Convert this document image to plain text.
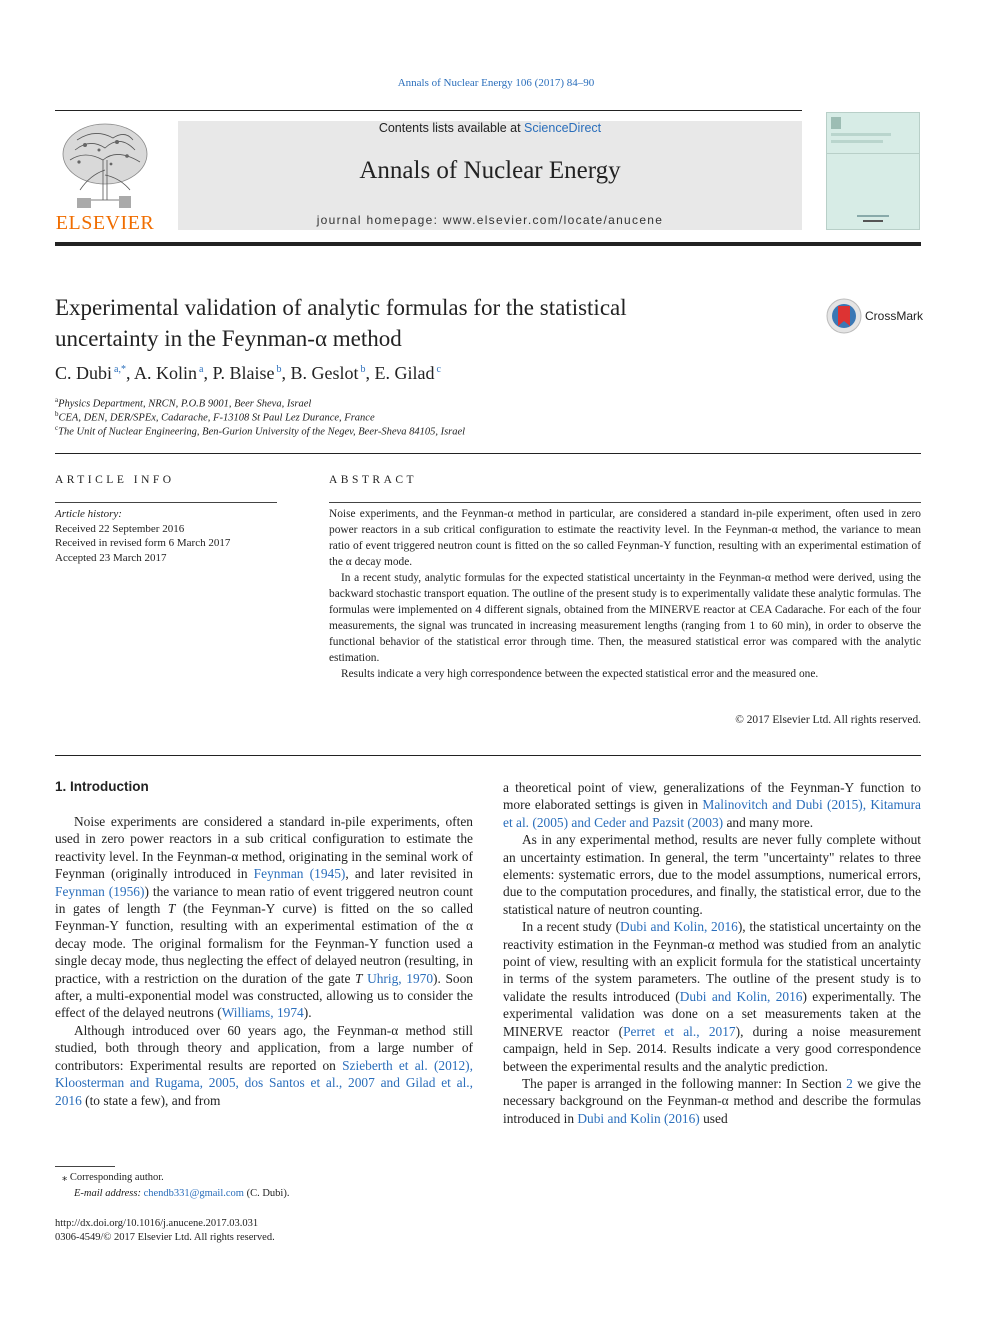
Annals of Nuclear Energy 106 (2017) 84–90
ELSEVIER
Contents lists available at ScienceDirect
Annals of Nuclear Energy
journal homepage: www.elsevier.com/locate/anucene
Experimental validation of analytic formulas for the statistical
uncertainty in the Feynman-α method
CrossMark
C. Dubi $^{a,*}$, A. Kolin $^a$, P. Blaise $^b$, B. Geslot $^b$, E. Gilad $^c$
$^a$Physics Department, NRCN, P.O.B 9001, Beer Sheva, Israel
$^b$CEA, DEN, DER/SPEx, Cadarache, F-13108 St Paul Lez Durance, France
$^c$The Unit of Nuclear Engineering, Ben-Gurion University of the Negev, Beer-Sheva 84105, Israel
ARTICLE INFO
Article history:
Received 22 September 2016
Received in revised form 6 March 2017
Accepted 23 March 2017
ABSTRACT

Noise experiments, and the Feynman-α method in particular, are considered a standard in-pile experiment, often used in zero power reactors in a sub critical configuration to estimate the reactivity level. In the Feynman-α method, the variance to mean ratio of event triggered neutron count is fitted on the so called Feynman-Y function, resulting with an experimental estimation of the α decay mode.

In a recent study, analytic formulas for the expected statistical uncertainty in the Feynman-α method were derived, using the backward stochastic transport equation. The outline of the present study is to experimentally validate these analytic formulas. The formulas were implemented on 4 different signals, obtained from the MINERVE reactor at CEA Cadarache. For each of the four measurements, the signal was truncated in increasing measurement lengths (ranging from 1 to 60 min), in order to observe the functional behavior of the statistical error through time. Then, the measured statistical error was compared with the analytic estimation.

Results indicate a very high correspondence between the expected statistical error and the measured one.

© 2017 Elsevier Ltd. All rights reserved.
1. Introduction

Noise experiments are considered a standard in-pile experiments, often used in zero power reactors in a sub critical configuration to estimate the reactivity level. In the Feynman-α method, originating in the seminal work of Feynman (originally introduced in Feynman (1945), and later revisited in Feynman (1956)) the variance to mean ratio of event triggered neutron count in gates of length T (the Feynman-Y curve) is fitted on the so called Feynman-Y function, resulting with an experimental estimation of the α decay mode. The original formalism for the Feynman-Y function used a single decay mode, thus neglecting the effect of delayed neutron (resulting, in practice, with a restriction on the duration of the gate T Uhrig, 1970). Soon after, a multi-exponential model was constructed, allowing us to consider the effect of the delayed neutrons (Williams, 1974).

Although introduced over 60 years ago, the Feynman-α method still studied, both through theory and application, from a large number of contributors: Experimental results are reported on Szieberth et al. (2012), Kloosterman and Rugama, 2005, dos Santos et al., 2007 and Gilad et al., 2016 (to state a few), and from

a theoretical point of view, generalizations of the Feynman-Y function to more elaborated settings is given in Malinovitch and Dubi (2015), Kitamura et al. (2005) and Ceder and Pazsit (2003) and many more.

As in any experimental method, results are never fully complete without an uncertainty estimation. In general, the term "uncertainty" relates to three elements: systematic errors, due to the model assumptions, numerical errors, due to the computation procedures, and finally, the statistical error, due to the statistical nature of neutron counting.

In a recent study (Dubi and Kolin, 2016), the statistical uncertainty on the reactivity estimation in the Feynman-α method was studied from an analytic point of view, resulting with an explicit formula for the statistical uncertainty in terms of the system parameters. The outline of the present study is to validate the results introduced (Dubi and Kolin, 2016) experimentally. The experimental validation was done on a set measurements taken at the MINERVE reactor (Perret et al., 2017), during a noise measurement campaign, held in Sep. 2014. Results indicate a very good correspondence between the experimental results and the analytic prediction.

The paper is arranged in the following manner: In Section 2 we give the necessary background on the Feynman-α method and describe the formulas introduced in Dubi and Kolin (2016) used

⁎ Corresponding author.
E-mail address: chendb331@gmail.com (C. Dubi).
http://dx.doi.org/10.1016/j.anucene.2017.03.031
0306-4549/© 2017 Elsevier Ltd. All rights reserved.
